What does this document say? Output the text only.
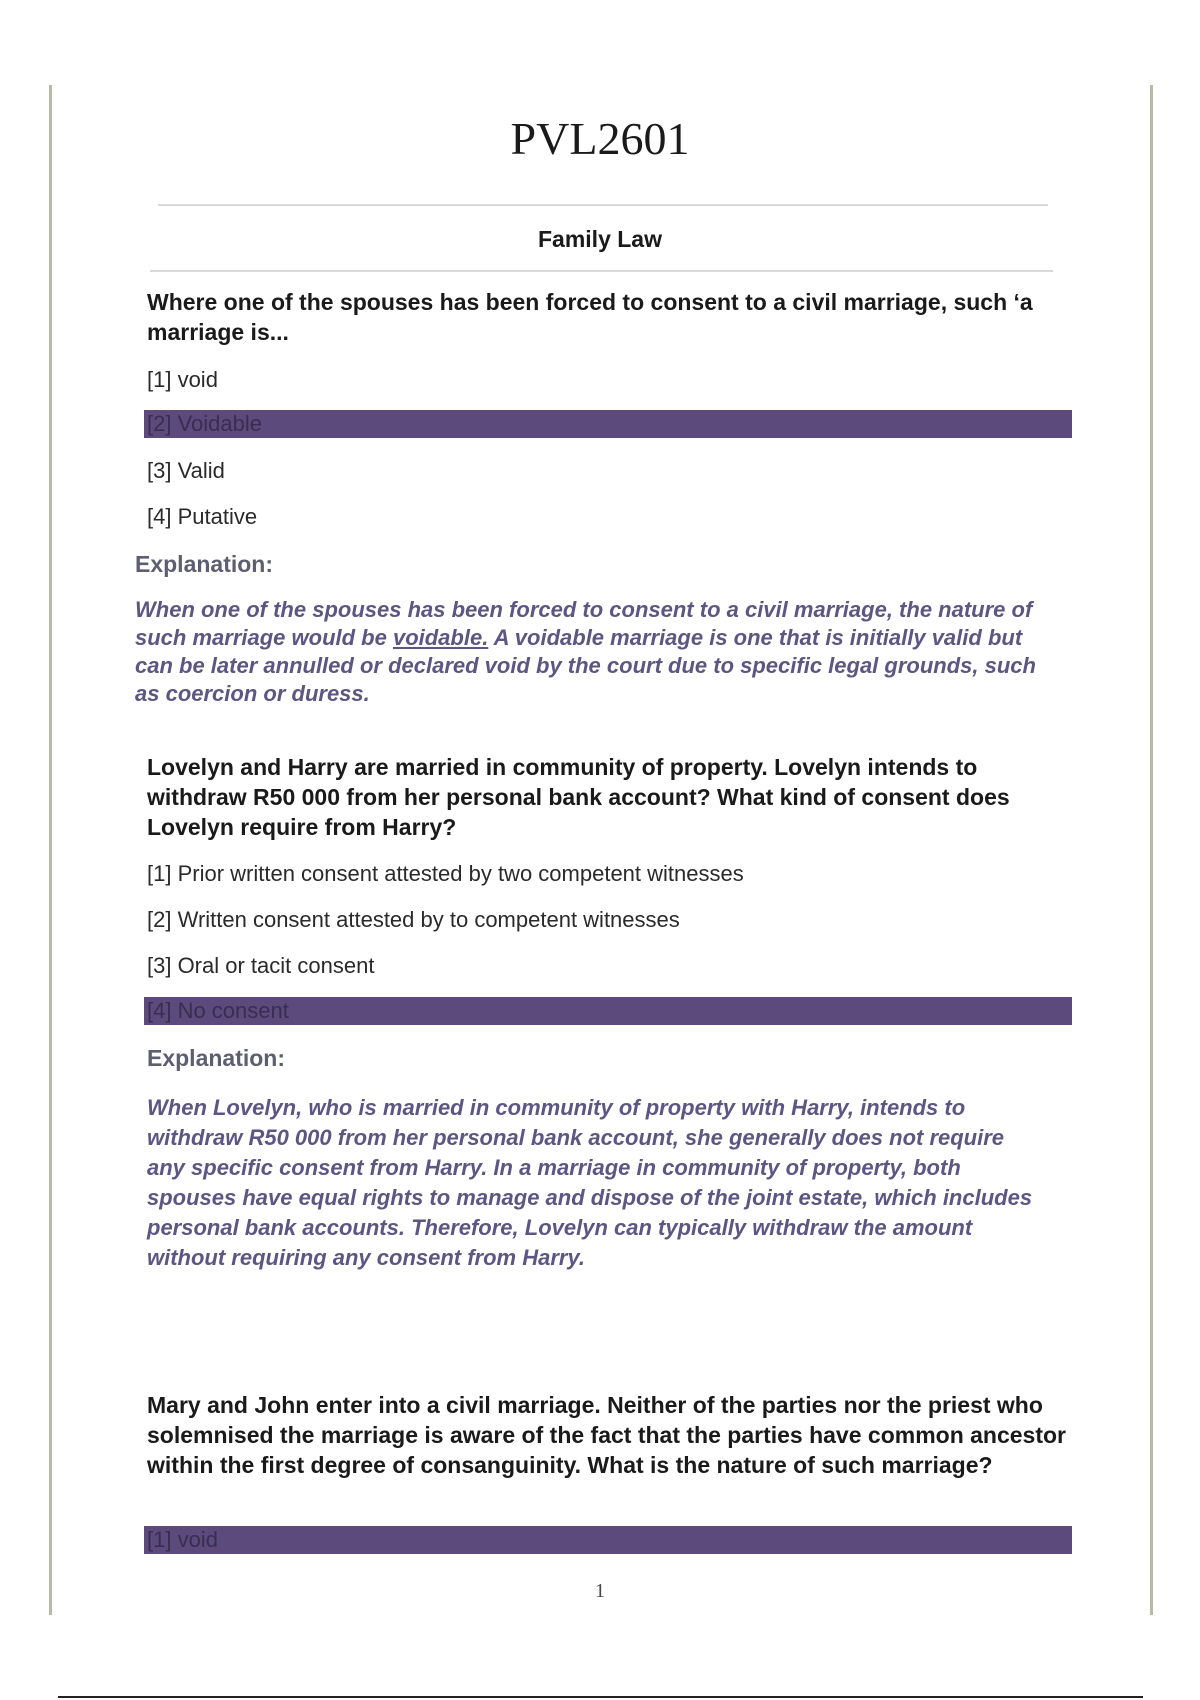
PVL2601
Family Law
Where one of the spouses has been forced to consent to a civil marriage, such ‘a marriage is...
[1] void
[2] Voidable
[3] Valid
[4] Putative
Explanation:
When one of the spouses has been forced to consent to a civil marriage, the nature of such marriage would be voidable. A voidable marriage is one that is initially valid but can be later annulled or declared void by the court due to specific legal grounds, such as coercion or duress.
Lovelyn and Harry are married in community of property. Lovelyn intends to withdraw R50 000 from her personal bank account? What kind of consent does Lovelyn require from Harry?
[1] Prior written consent attested by two competent witnesses
[2] Written consent attested by to competent witnesses
[3] Oral or tacit consent
[4] No consent
Explanation:
When Lovelyn, who is married in community of property with Harry, intends to withdraw R50 000 from her personal bank account, she generally does not require any specific consent from Harry. In a marriage in community of property, both spouses have equal rights to manage and dispose of the joint estate, which includes personal bank accounts. Therefore, Lovelyn can typically withdraw the amount without requiring any consent from Harry.
Mary and John enter into a civil marriage. Neither of the parties nor the priest who solemnised the marriage is aware of the fact that the parties have common ancestor within the first degree of consanguinity. What is the nature of such marriage?
[1] void
1
